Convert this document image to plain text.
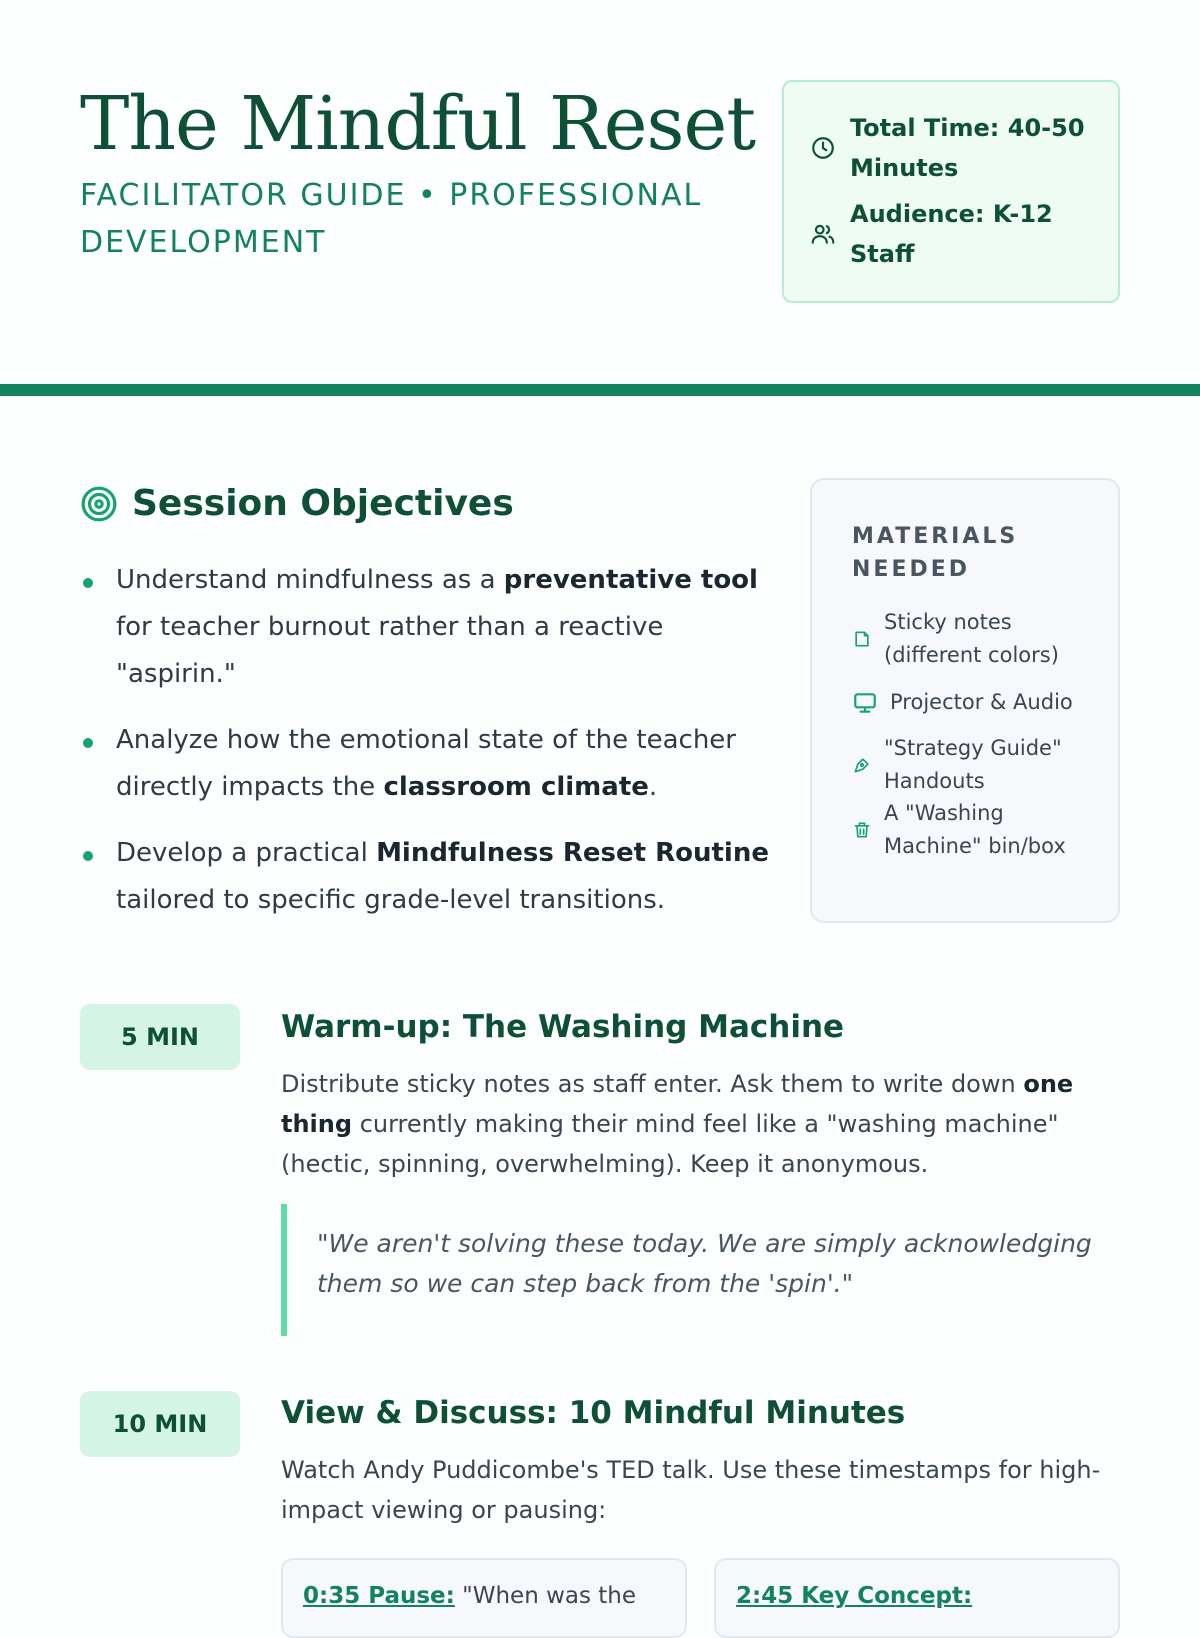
The Mindful Reset

FACILITATOR GUIDE • PROFESSIONAL DEVELOPMENT

Total Time: 40-50 Minutes
Audience: K-12 Staff
Session Objectives
Understand mindfulness as a preventative tool for teacher burnout rather than a reactive "aspirin."
Analyze how the emotional state of the teacher directly impacts the classroom climate.
Develop a practical Mindfulness Reset Routine tailored to specific grade-level transitions.

MATERIALS NEEDED

Sticky notes (different colors)
Projector & Audio
"Strategy Guide" Handouts
A "Washing Machine" bin/box
5 MIN	Warm-up: The Washing Machine

Distribute sticky notes as staff enter. Ask them to write down one thing currently making their mind feel like a "washing machine" (hectic, spinning, overwhelming). Keep it anonymous.

"We aren't solving these today. We are simply acknowledging them so we can step back from the 'spin'."
10 MIN	View & Discuss: 10 Mindful Minutes

Watch Andy Puddicombe's TED talk. Use these timestamps for high-impact viewing or pausing:

0:35 Pause: "When was the	2:45 Key Concept:
